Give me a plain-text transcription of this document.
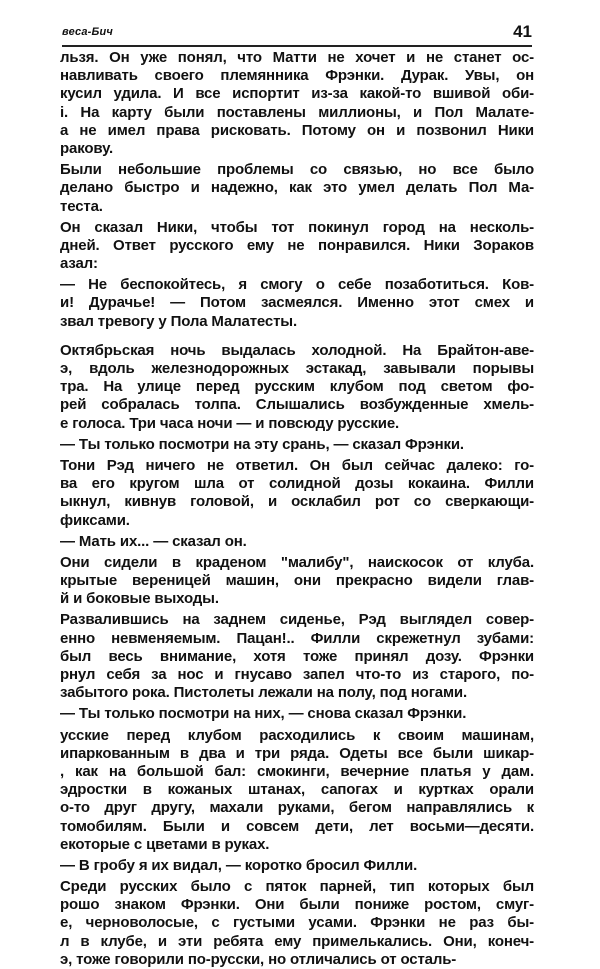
весa-Бич	41
льзя. Он уже понял, что Матти не хочет и не станет ос-
навливать своего племянника Фрэнки. Дурак. Увы, он
кусил удила. И все испортит из-за какой-то вшивой оби-
і. На карту были поставлены миллионы, и Пол Малате-
а не имел права рисковать. Потому он и позвонил Ники
ракову.
Были небольшие проблемы со связью, но все было
делано быстро и надежно, как это умел делать Пол Ма-
теста.
Он сказал Ники, чтобы тот покинул город на несколь-
дней. Ответ русского ему не понравился. Ники Зораков
азал:
— Не беспокойтесь, я смогу о себе позаботиться. Ков-
и! Дурачье! — Потом засмеялся. Именно этот смех и
звал тревогу у Пола Малатесты.
Октябрьская ночь выдалась холодной. На Брайтон-аве-
э, вдоль железнодорожных эстакад, завывали порывы
тра. На улице перед русским клубом под светом фо-
рей собралась толпа. Слышались возбужденные хмель-
е голоса. Три часа ночи — и повсюду русские.
— Ты только посмотри на эту срань, — сказал Фрэнки.
Тони Рэд ничего не ответил. Он был сейчас далеко: го-
ва его кругом шла от солидной дозы кокаина. Филли
ыкнул, кивнув головой, и осклабил рот со сверкающи-
фиксами.
— Мать их... — сказал он.
Они сидели в краденом "малибу", наискосок от клуба.
крытые вереницей машин, они прекрасно видели глав-
й и боковые выходы.
Развалившись на заднем сиденье, Рэд выглядел совер-
енно невменяемым. Пацан!.. Филли скрежетнул зубами:
был весь внимание, хотя тоже принял дозу. Фрэнки
рнул себя за нос и гнусаво запел что-то из старого, по-
забытого рока. Пистолеты лежали на полу, под ногами.
— Ты только посмотри на них, — снова сказал Фрэнки.
усские перед клубом расходились к своим машинам,
ипаркованным в два и три ряда. Одеты все были шикар-
, как на большой бал: смокинги, вечерние платья у дам.
эдростки в кожаных штанах, сапогах и куртках орали
о-то друг другу, махали руками, бегом направлялись к
томобилям. Были и совсем дети, лет восьми—десяти.
екоторые с цветами в руках.
— В гробу я их видал, — коротко бросил Филли.
Среди русских было с пяток парней, тип которых был
рошо знаком Фрэнки. Они были пониже ростом, смуг-
е, черноволосые, с густыми усами. Фрэнки не раз бы-
л в клубе, и эти ребята ему примелькались. Они, конеч-
э, тоже говорили по-русски, но отличались от осталь-
